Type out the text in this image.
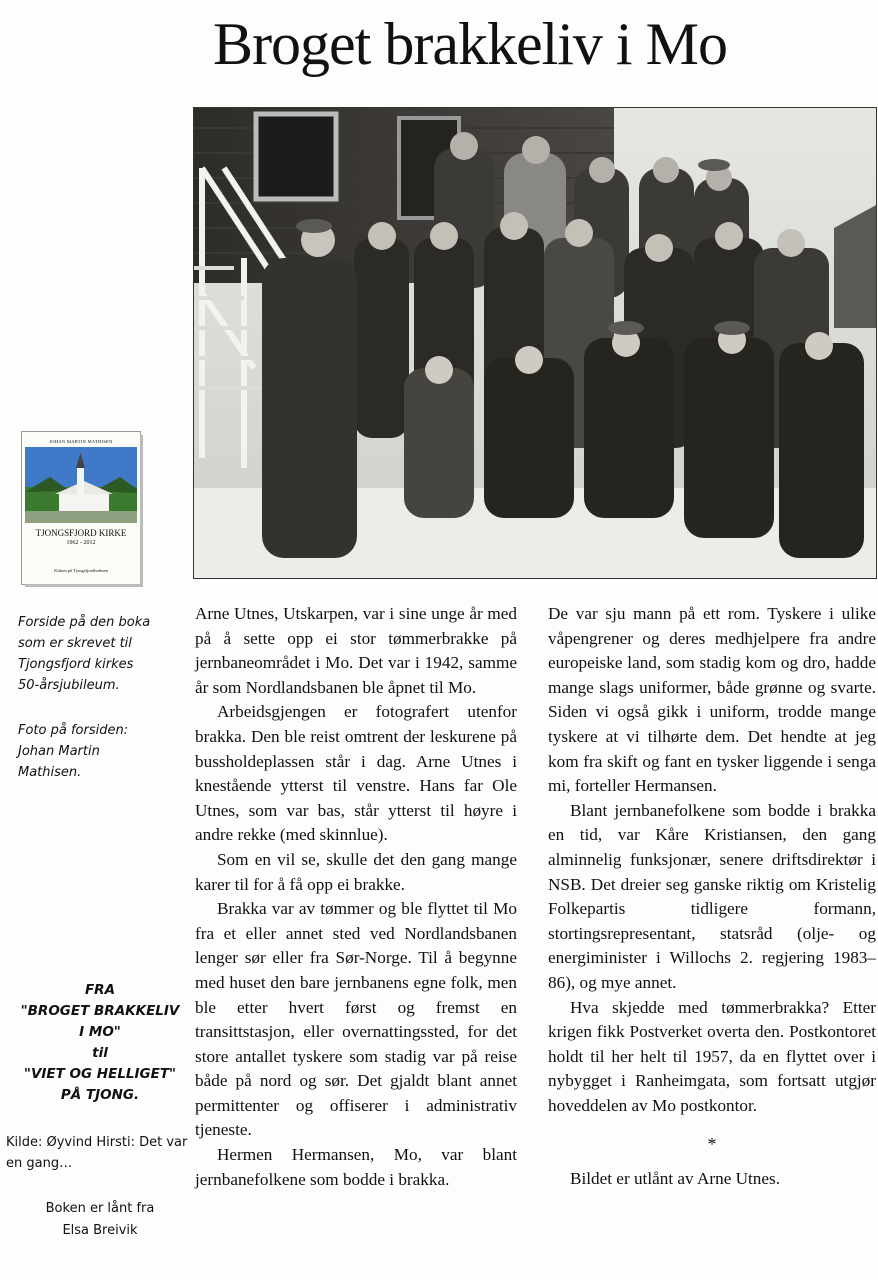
Broget brakkeliv i Mo
JOHAN MARTIN MATHISEN
TJONGSFJORD KIRKE
1962 - 2012
Kirken på Tjongsfjordholmen
Forside på den boka
som er skrevet til
Tjongsfjord kirkes
50-årsjubileum.
Foto på forsiden:
Johan Martin
Mathisen.
FRA
"BROGET BRAKKELIV
I MO"
til
"VIET OG HELLIGET"
PÅ TJONG.
Kilde: Øyvind Hirsti: Det var en gang…
Boken er lånt fra
Elsa Breivik

Arne Utnes, Utskarpen, var i sine unge år med på å sette opp ei stor tømmerbrakke på jernbaneområdet i Mo. Det var i 1942, samme år som Nordlandsbanen ble åpnet til Mo.

Arbeidsgjengen er fotografert utenfor brakka. Den ble reist omtrent der leskurene på bussholdeplassen står i dag. Arne Utnes i knestående ytterst til venstre. Hans far Ole Utnes, som var bas, står ytterst til høyre i andre rekke (med skinnlue).

Som en vil se, skulle det den gang mange karer til for å få opp ei brakke.

Brakka var av tømmer og ble flyttet til Mo fra et eller annet sted ved Nordlandsbanen lenger sør eller fra Sør-Norge. Til å begynne med huset den bare jernbanens egne folk, men ble etter hvert først og fremst en transittstasjon, eller overnattingssted, for det store antallet tyskere som stadig var på reise både på nord og sør. Det gjaldt blant annet permittenter og offiserer i administrativ tjeneste.

Hermen Hermansen, Mo, var blant jernbanefolkene som bodde i brakka.

De var sju mann på ett rom. Tyskere i ulike våpengrener og deres medhjelpere fra andre europeiske land, som stadig kom og dro, hadde mange slags uniformer, både grønne og svarte. Siden vi også gikk i uniform, trodde mange tyskere at vi tilhørte dem. Det hendte at jeg kom fra skift og fant en tysker liggende i senga mi, forteller Hermansen.

Blant jernbanefolkene som bodde i brakka en tid, var Kåre Kristiansen, den gang alminnelig funksjonær, senere driftsdirektør i NSB. Det dreier seg ganske riktig om Kristelig Folkepartis tidligere formann, stortingsrepresentant, statsråd (olje- og energiminister i Willochs 2. regjering 1983–86), og mye annet.

Hva skjedde med tømmerbrakka? Etter krigen fikk Postverket overta den. Postkontoret holdt til her helt til 1957, da en flyttet over i nybygget i Ranheimgata, som fortsatt utgjør hoveddelen av Mo postkontor.

*

Bildet er utlånt av Arne Utnes.
